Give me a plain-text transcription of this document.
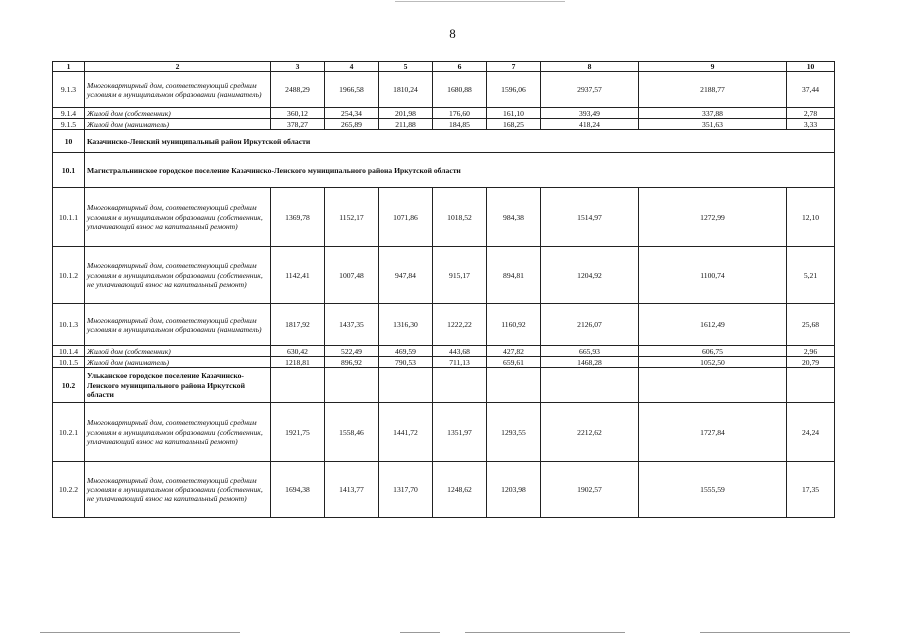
8
1	2	3	4	5	6	7	8	9	10
9.1.3	Многоквартирный дом, соответствующий средним условиям в муниципальном образовании (наниматель)	2488,29	1966,58	1810,24	1680,88	1596,06	2937,57	2188,77	37,44
9.1.4	Жилой дом (собственник)	360,12	254,34	201,98	176,60	161,10	393,49	337,88	2,78
9.1.5	Жилой дом (наниматель)	378,27	265,89	211,88	184,85	168,25	418,24	351,63	3,33
10	Казачинско-Ленский муниципальный район Иркутской области								
10.1	Магистральнинское городское поселение Казачинско-Ленского муниципального района Иркутской области								
10.1.1	Многоквартирный дом, соответствующий средним условиям в муниципальном образовании (собственник, уплачивающий взнос на капитальный ремонт)	1369,78	1152,17	1071,86	1018,52	984,38	1514,97	1272,99	12,10
10.1.2	Многоквартирный дом, соответствующий средним условиям в муниципальном образовании (собственник, не уплачивающий взнос на капитальный ремонт)	1142,41	1007,48	947,84	915,17	894,81	1204,92	1100,74	5,21
10.1.3	Многоквартирный дом, соответствующий средним условиям в муниципальном образовании (наниматель)	1817,92	1437,35	1316,30	1222,22	1160,92	2126,07	1612,49	25,68
10.1.4	Жилой дом (собственник)	630,42	522,49	469,59	443,68	427,82	665,93	606,75	2,96
10.1.5	Жилой дом (наниматель)	1218,81	896,92	790,53	711,13	659,61	1468,28	1052,50	20,79
10.2	Ульканское городское поселение Казачинско-Ленского муниципального района Иркутской области								
10.2.1	Многоквартирный дом, соответствующий средним условиям в муниципальном образовании (собственник, уплачивающий взнос на капитальный ремонт)	1921,75	1558,46	1441,72	1351,97	1293,55	2212,62	1727,84	24,24
10.2.2	Многоквартирный дом, соответствующий средним условиям в муниципальном образовании (собственник, не уплачивающий взнос на капитальный ремонт)	1694,38	1413,77	1317,70	1248,62	1203,98	1902,57	1555,59	17,35
